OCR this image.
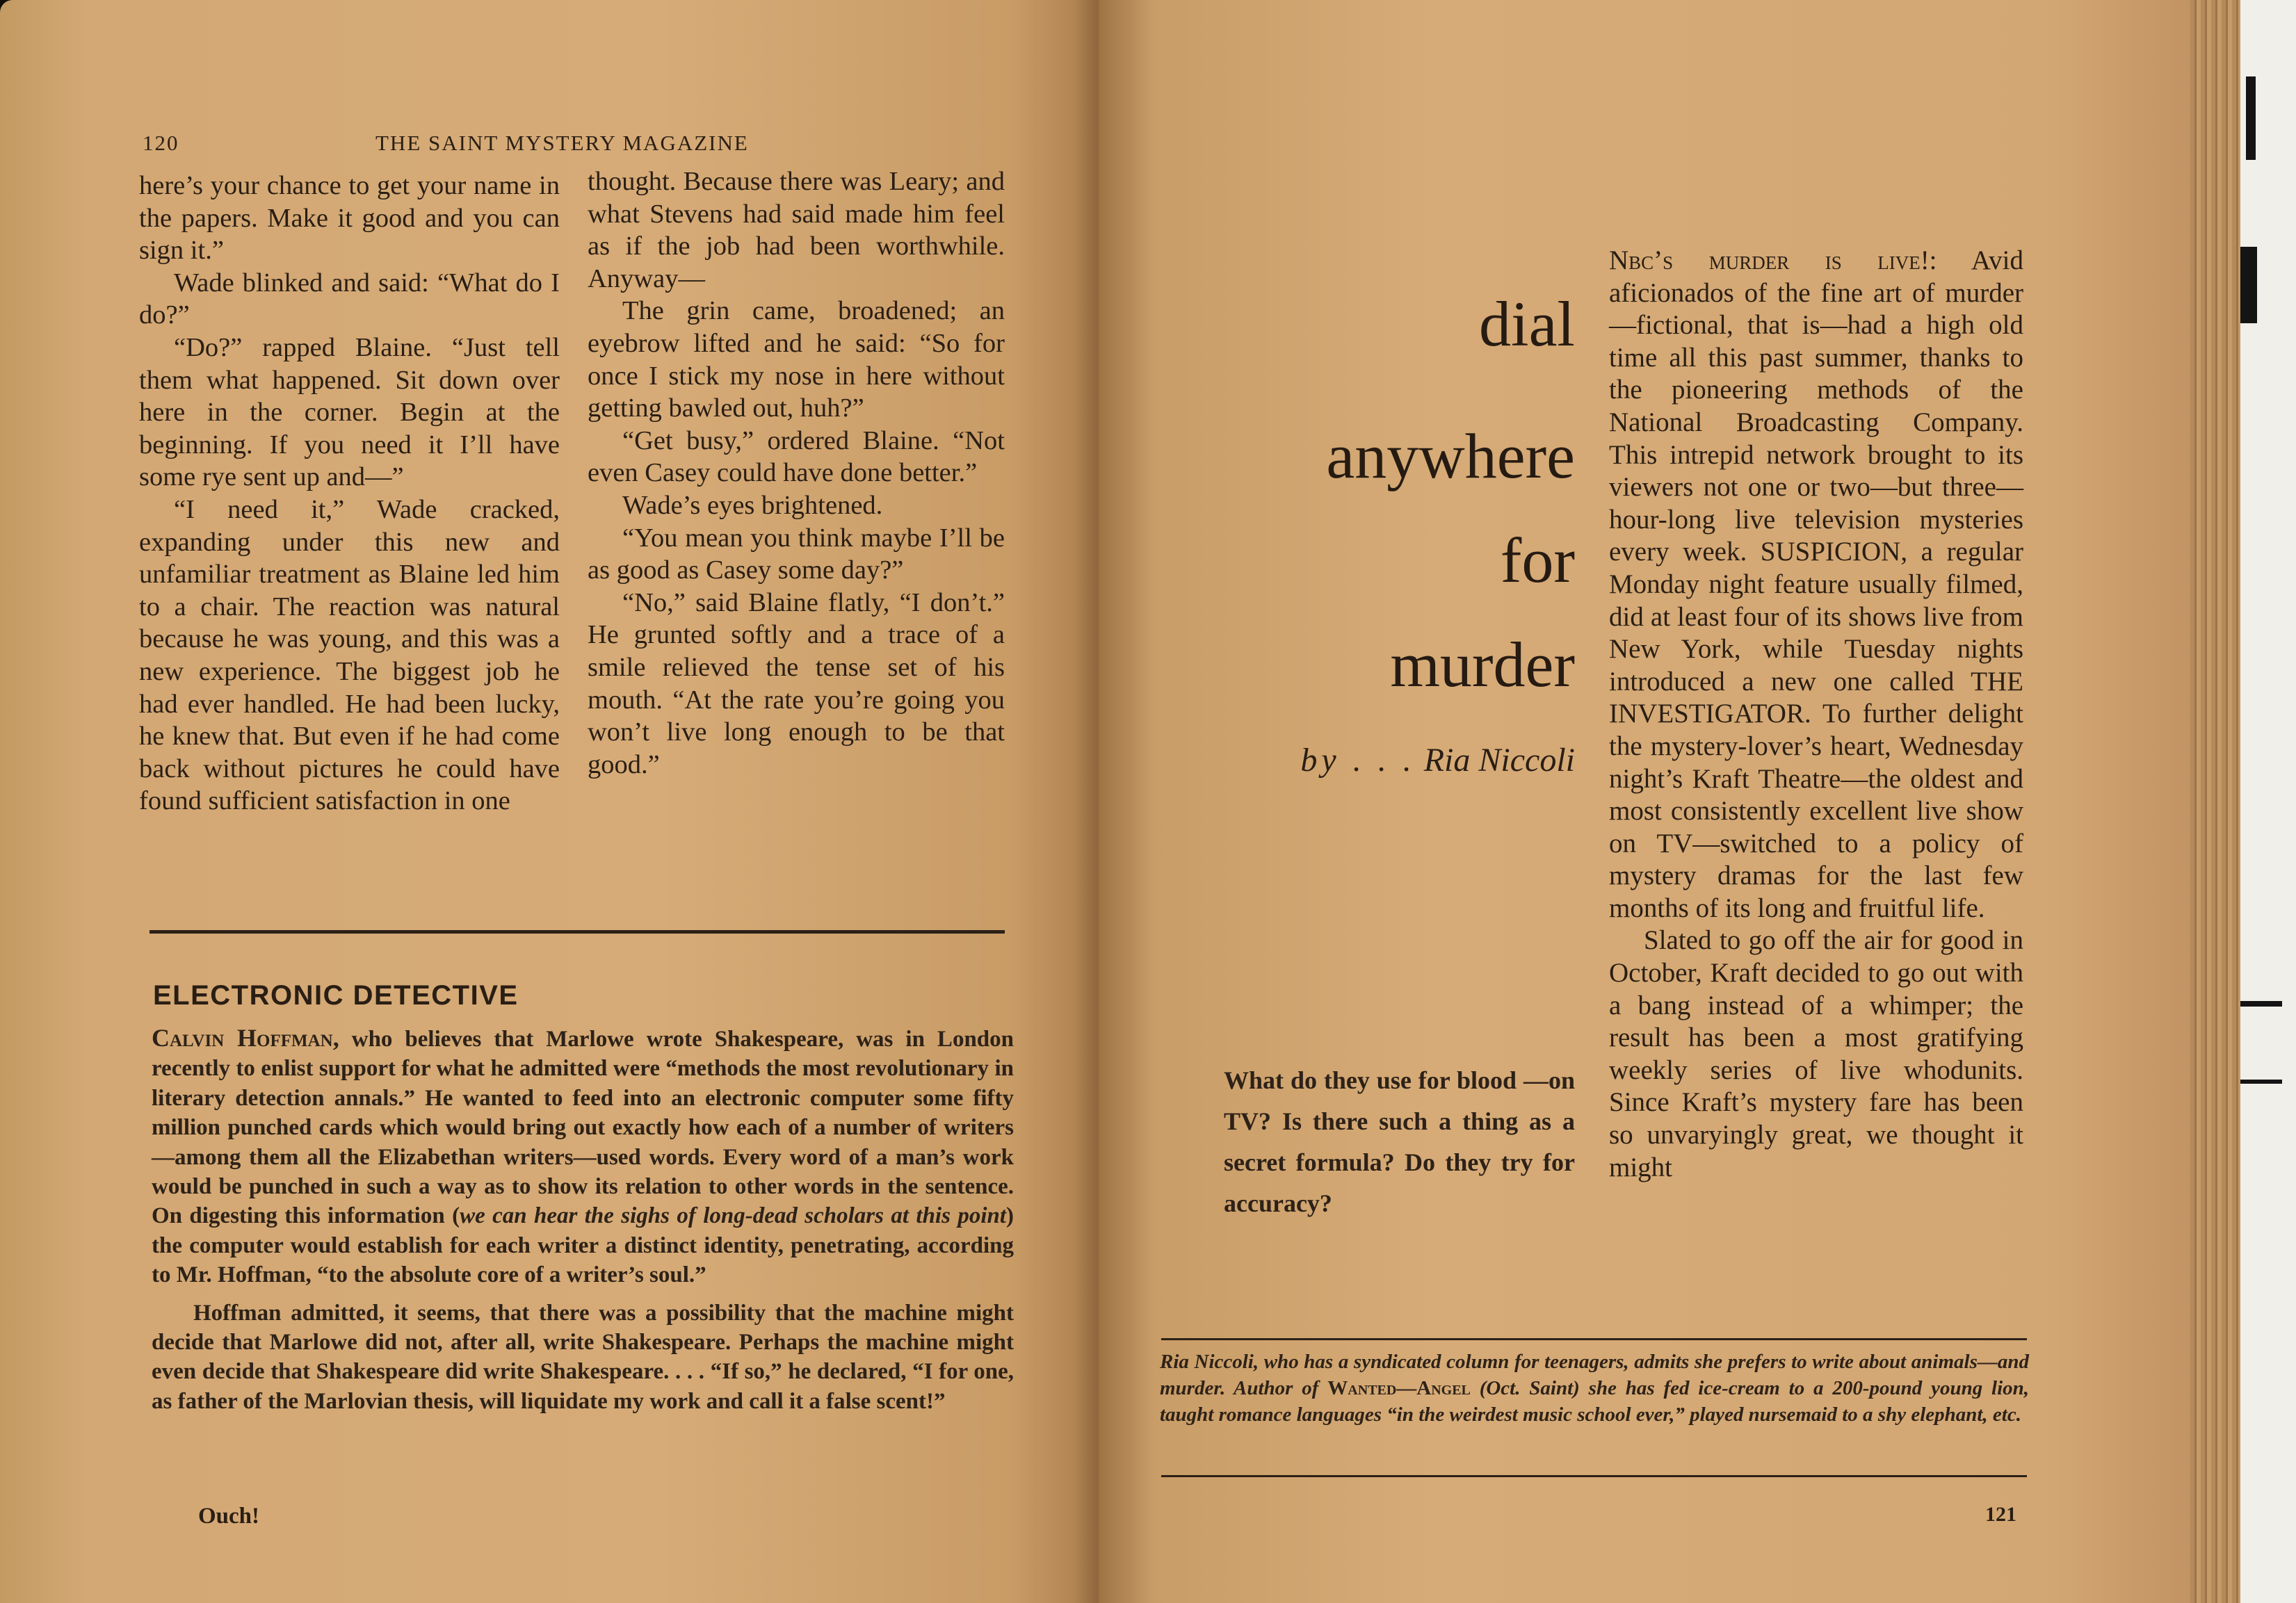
120	THE SAINT MYSTERY MAGAZINE

here’s your chance to get your name in the papers. Make it good and you can sign it.”

Wade blinked and said: “What do I do?”

“Do?” rapped Blaine. “Just tell them what happened. Sit down over here in the corner. Begin at the beginning. If you need it I’ll have some rye sent up and—”

“I need it,” Wade cracked, expanding under this new and unfamiliar treatment as Blaine led him to a chair. The reaction was natural because he was young, and this was a new experience. The biggest job he had ever handled. He had been lucky, he knew that. But even if he had come back without pictures he could have found sufficient satisfaction in one

thought. Because there was Leary; and what Stevens had said made him feel as if the job had been worthwhile. Anyway—

The grin came, broadened; an eyebrow lifted and he said: “So for once I stick my nose in here without getting bawled out, huh?”

“Get busy,” ordered Blaine. “Not even Casey could have done better.”

Wade’s eyes brightened.

“You mean you think maybe I’ll be as good as Casey some day?”

“No,” said Blaine flatly, “I don’t.” He grunted softly and a trace of a smile relieved the tense set of his mouth. “At the rate you’re going you won’t live long enough to be that good.”

ELECTRONIC DETECTIVE

Calvin Hoffman, who believes that Marlowe wrote Shakespeare, was in London recently to enlist support for what he admitted were “methods the most revolutionary in literary detection annals.” He wanted to feed into an electronic computer some fifty million punched cards which would bring out exactly how each of a number of writers—among them all the Elizabethan writers—used words. Every word of a man’s work would be punched in such a way as to show its relation to other words in the sentence. On digesting this information (we can hear the sighs of long-dead scholars at this point) the computer would establish for each writer a distinct identity, penetrating, according to Mr. Hoffman, “to the absolute core of a writer’s soul.”

Hoffman admitted, it seems, that there was a possibility that the machine might decide that Marlowe did not, after all, write Shakespeare. Perhaps the machine might even decide that Shakespeare did write Shakespeare. . . . “If so,” he declared, “I for one, as father of the Marlovian thesis, will liquidate my work and call it a false scent!”

Ouch!
dial
anywhere
for
murder
by . . . Ria Niccoli
What do they use for blood —on TV? Is there such a thing as a secret formula? Do they try for accuracy?

Nbc’s murder is live!: Avid aficionados of the fine art of murder—fictional, that is—had a high old time all this past summer, thanks to the pioneering methods of the National Broadcasting Company. This intrepid network brought to its viewers not one or two—but three—hour-long live television mysteries every week. SUSPICION, a regular Monday night feature usually filmed, did at least four of its shows live from New York, while Tuesday nights introduced a new one called THE INVESTIGATOR. To further delight the mystery-lover’s heart, Wednesday night’s Kraft Theatre—the oldest and most consistently excellent live show on TV—switched to a policy of mystery dramas for the last few months of its long and fruitful life.

Slated to go off the air for good in October, Kraft decided to go out with a bang instead of a whimper; the result has been a most gratifying weekly series of live whodunits. Since Kraft’s mystery fare has been so unvaryingly great, we thought it might

Ria Niccoli, who has a syndicated column for teenagers, admits she prefers to write about animals—and murder. Author of Wanted—Angel (Oct. Saint) she has fed ice-cream to a 200-pound young lion, taught romance languages “in the weirdest music school ever,” played nursemaid to a shy elephant, etc.
121
